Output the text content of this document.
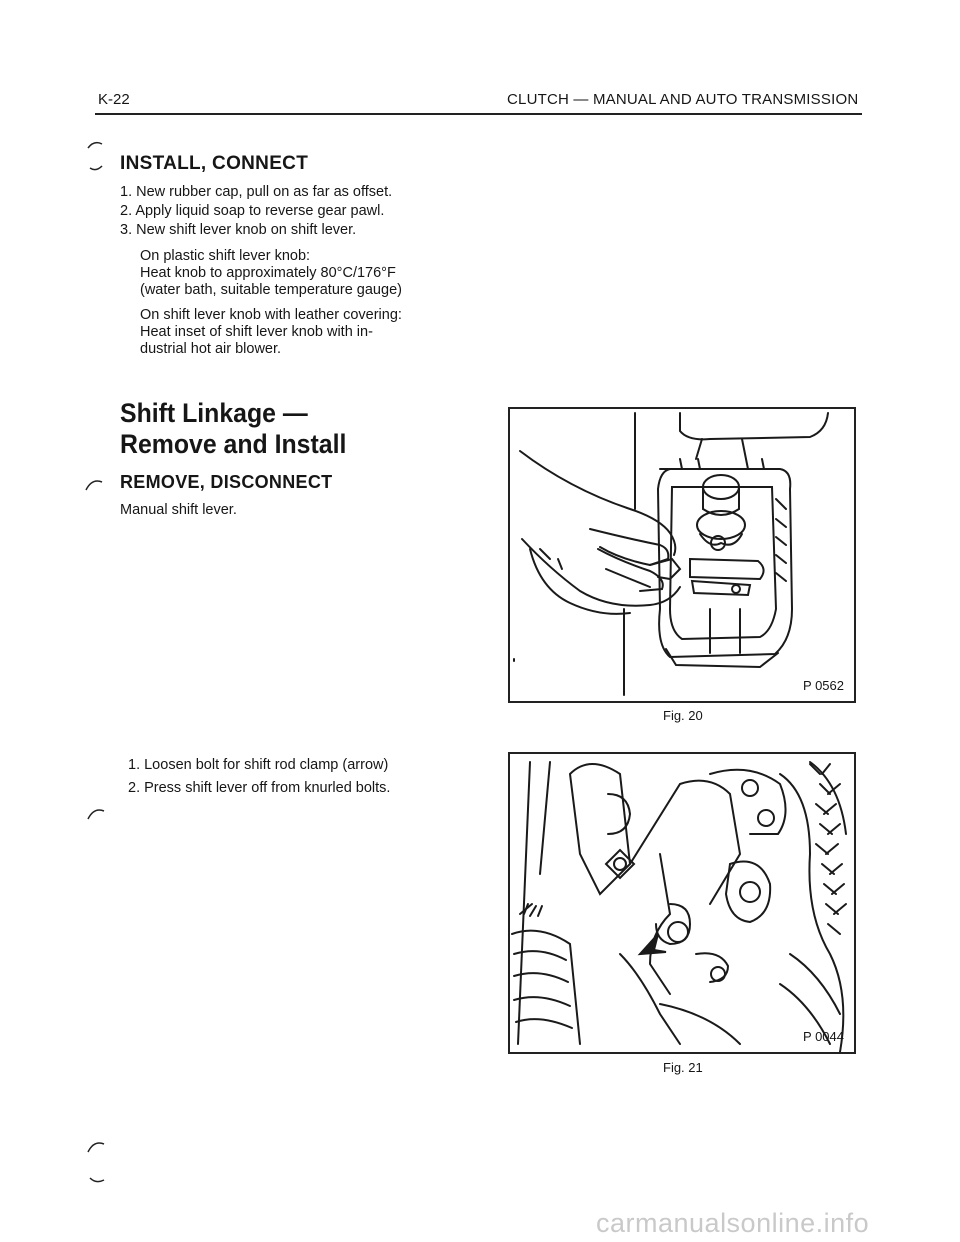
K-22	CLUTCH — MANUAL AND AUTO TRANSMISSION
INSTALL, CONNECT
1. New rubber cap, pull on as far as offset.
2. Apply liquid soap to reverse gear pawl.
3. New shift lever knob on shift lever.
On plastic shift lever knob:
Heat knob to approximately 80°C/176°F
(water bath, suitable temperature gauge)
On shift lever knob with leather covering:
Heat inset of shift lever knob with in-
dustrial hot air blower.
Shift Linkage —
Remove and Install
REMOVE, DISCONNECT
Manual shift lever.
1. Loosen bolt for shift rod clamp (arrow)
2. Press shift lever off from knurled bolts.
P 0562
Fig. 20
P 0044
Fig. 21
carmanualsonline.info
